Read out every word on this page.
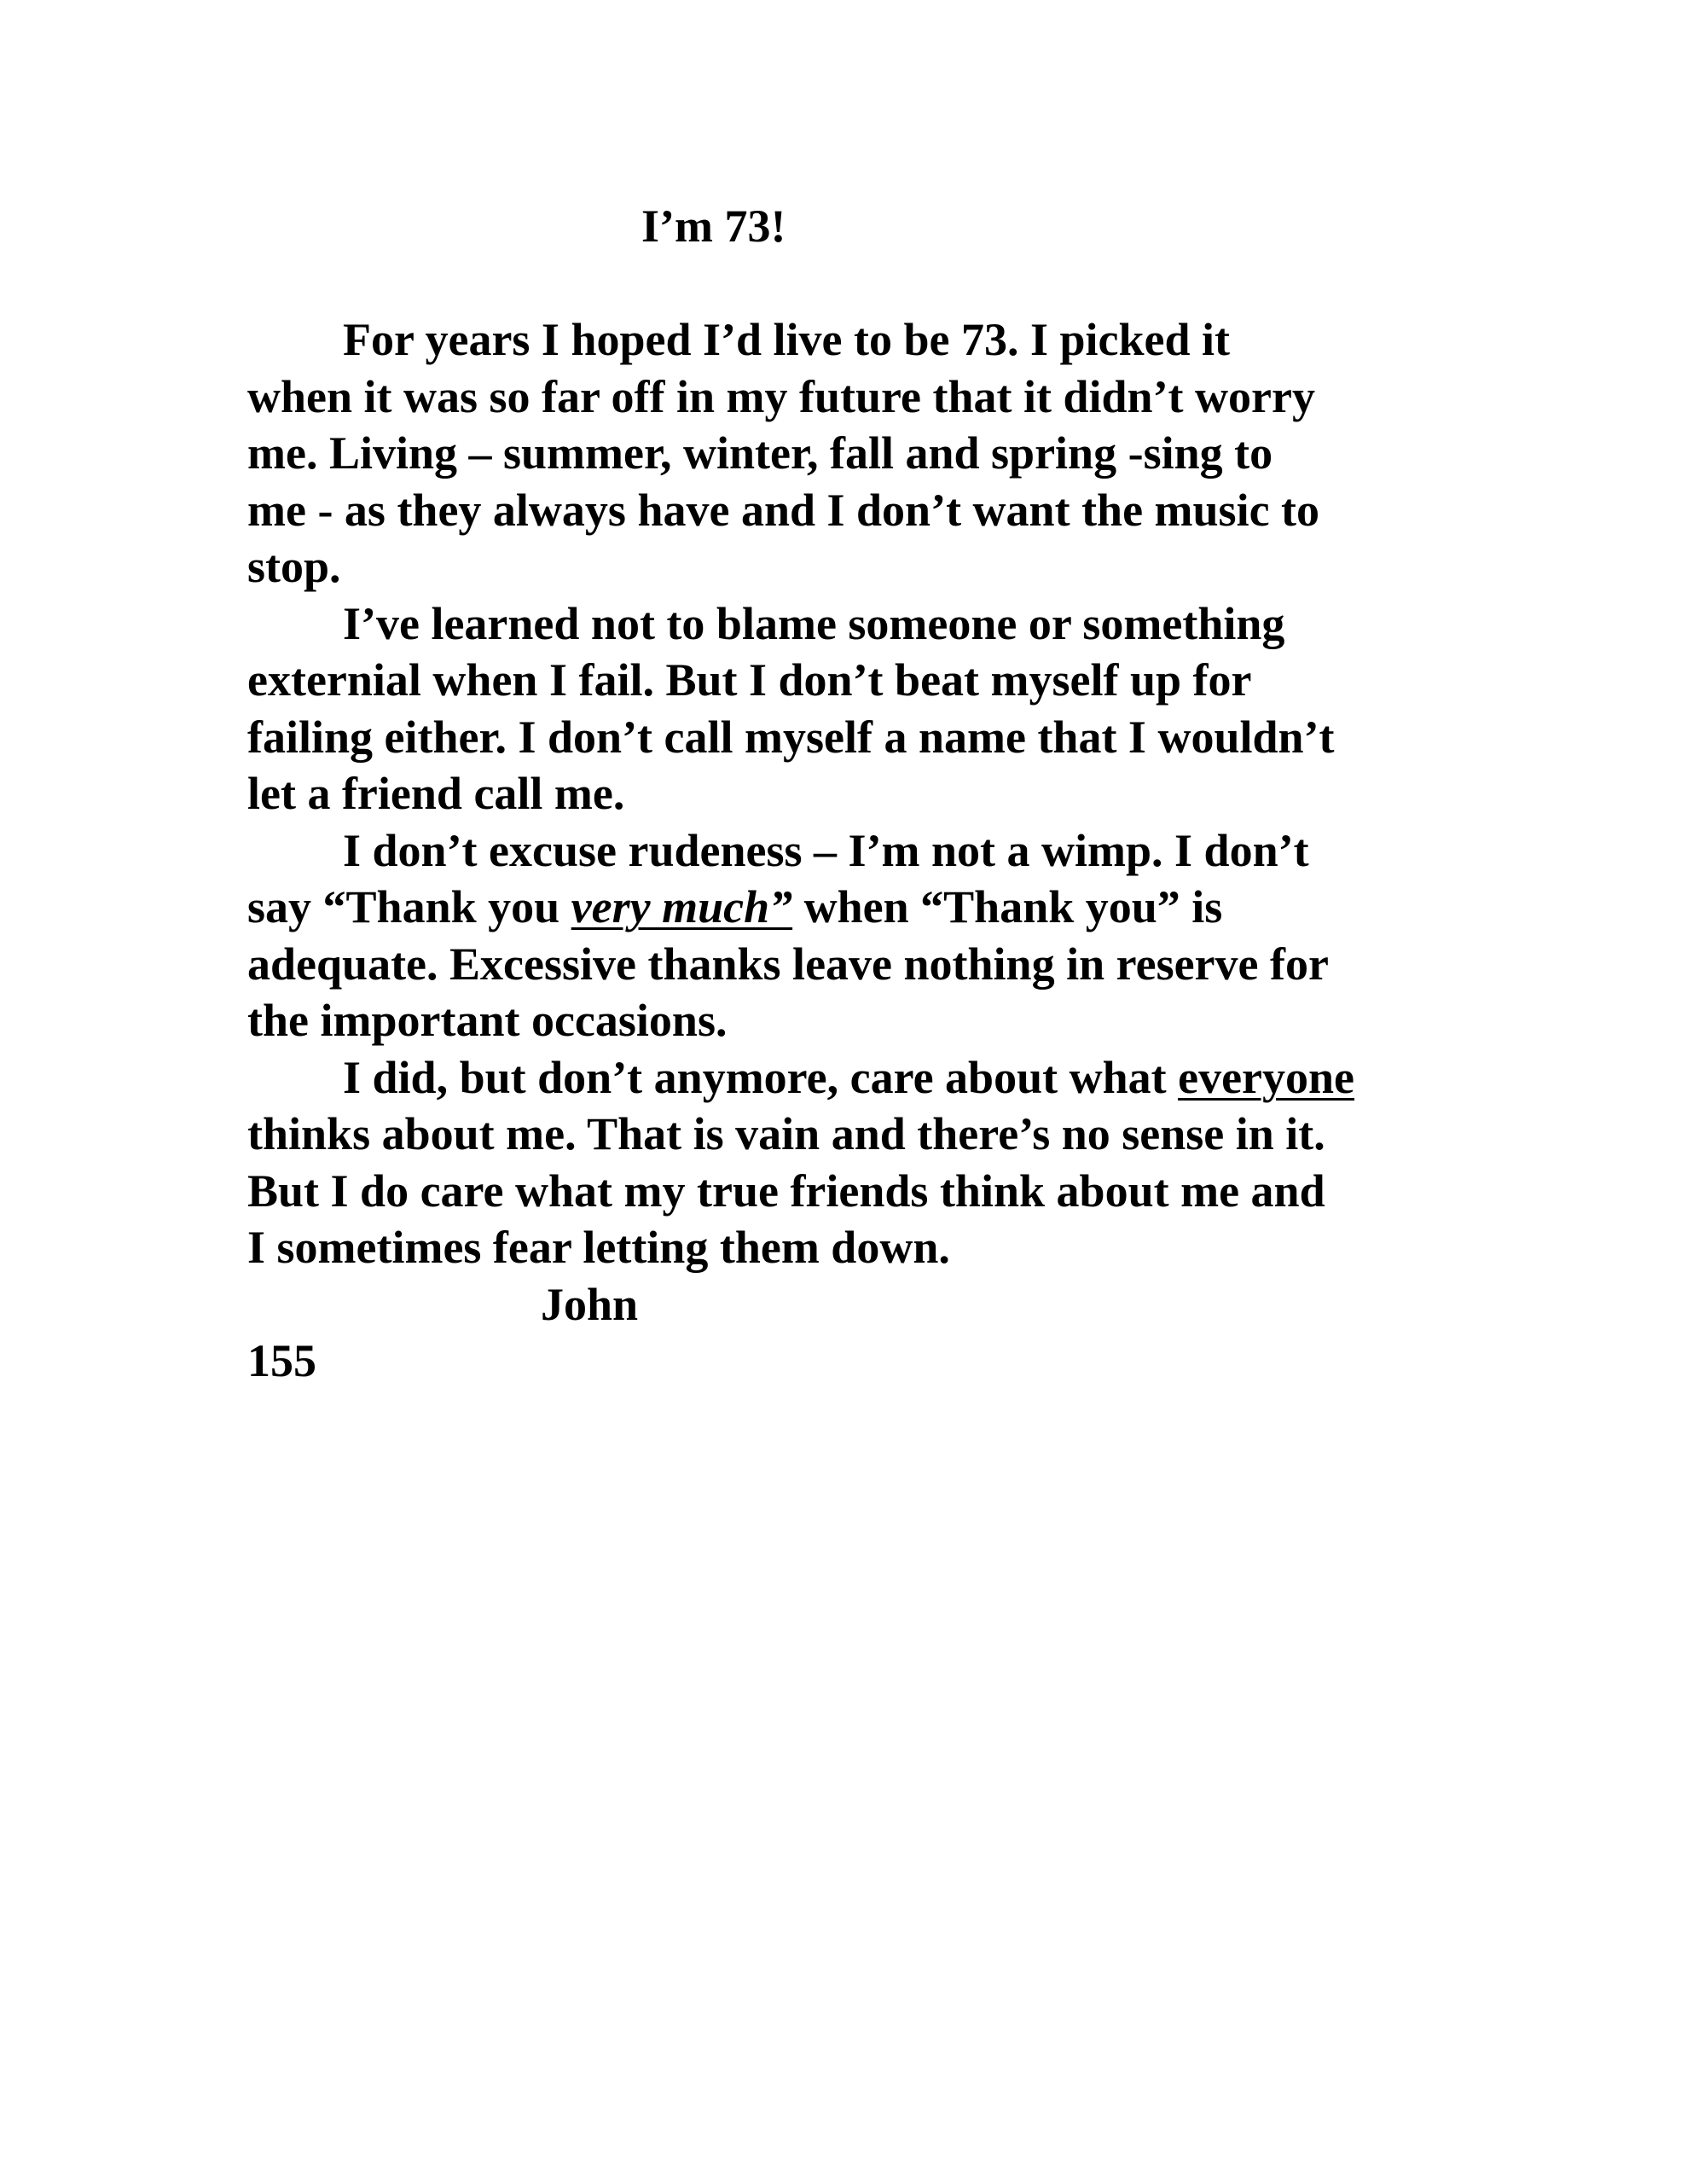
I’m 73!
For years I hoped I’d live to be 73. I picked it
when it was so far off in my future that it didn’t worry
me. Living – summer, winter, fall and spring -sing to
me - as they always have and I don’t want the music to
stop.
I’ve learned not to blame someone or something
externial when I fail. But I don’t beat myself up for
failing either. I don’t call myself a name that I wouldn’t
let a friend call me.
I don’t excuse rudeness – I’m not a wimp. I don’t
say “Thank you very much” when “Thank you” is
adequate. Excessive thanks leave nothing in reserve for
the important occasions.
I did, but don’t anymore, care about what everyone
thinks about me. That is vain and there’s no sense in it.
But I do care what my true friends think about me and
I sometimes fear letting them down.
John
155
